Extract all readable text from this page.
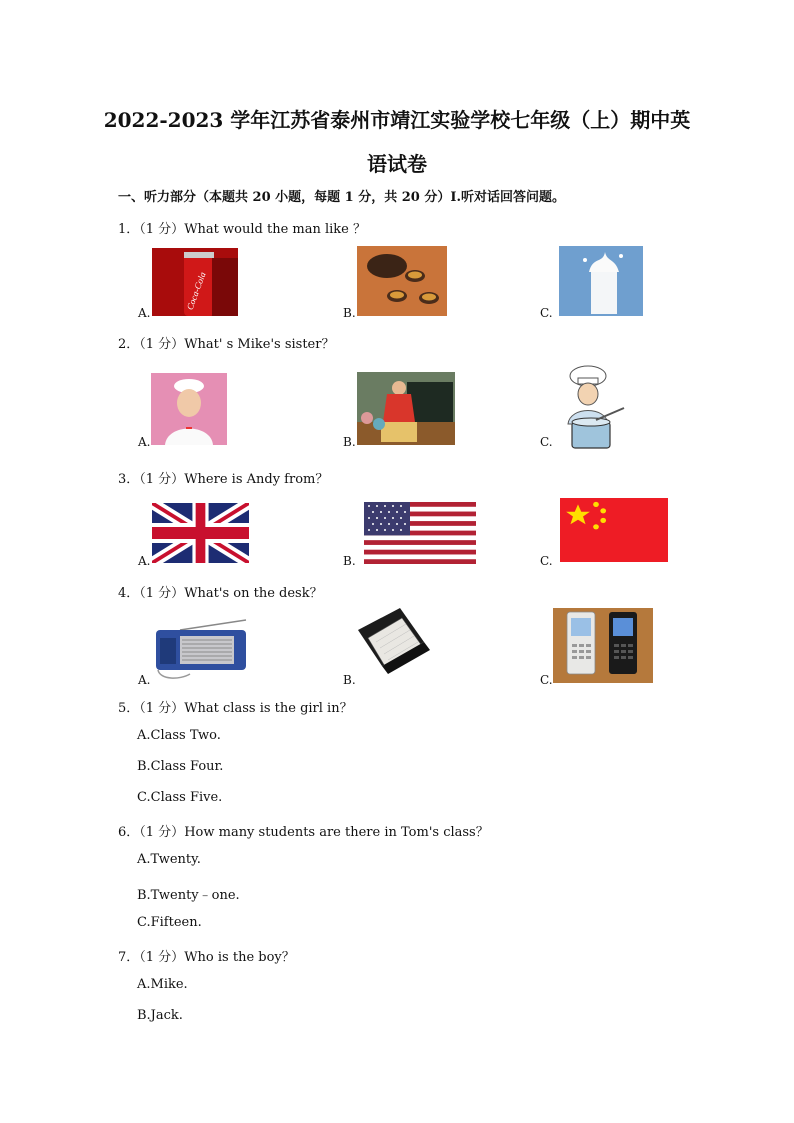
2022-2023 学年江苏省泰州市靖江实验学校七年级（上）期中英
语试卷
一、听力部分（本题共 20 小题，每题 1 分，共 20 分）I.听对话回答问题。
1．（1 分）What would the man like ？
A.
Coca-Cola
B.	C.
2．（1 分）What' s Mike's sister？
A.	B.	C.
3．（1 分）Where is Andy from？
A.	B.	C.
4．（1 分）What's on the desk？
A.	B.	C.
5．（1 分）What class is the girl in？
A.Class Two.
B.Class Four.
C.Class Five.
6．（1 分）How many students are there in Tom's class？
A.Twenty.
B.Twenty﹣one.
C.Fifteen.
7．（1 分）Who is the boy？
A.Mike.
B.Jack.
